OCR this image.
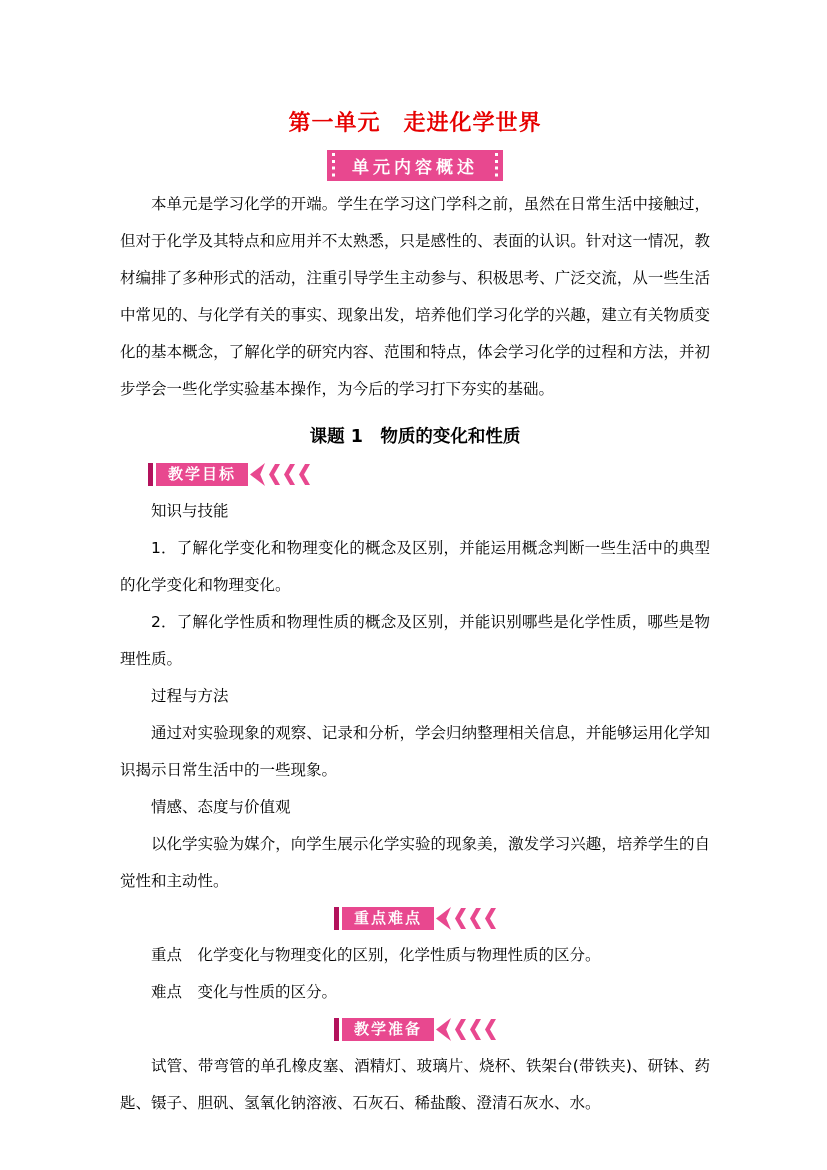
第一单元　走进化学世界
单元内容概述

本单元是学习化学的开端。学生在学习这门学科之前，虽然在日常生活中接触过，但对于化学及其特点和应用并不太熟悉，只是感性的、表面的认识。针对这一情况，教材编排了多种形式的活动，注重引导学生主动参与、积极思考、广泛交流，从一些生活中常见的、与化学有关的事实、现象出发，培养他们学习化学的兴趣，建立有关物质变化的基本概念，了解化学的研究内容、范围和特点，体会学习化学的过程和方法，并初步学会一些化学实验基本操作，为今后的学习打下夯实的基础。

课题 1　物质的变化和性质
教学目标

知识与技能

1．了解化学变化和物理变化的概念及区别，并能运用概念判断一些生活中的典型的化学变化和物理变化。

2．了解化学性质和物理性质的概念及区别，并能识别哪些是化学性质，哪些是物理性质。

过程与方法

通过对实验现象的观察、记录和分析，学会归纳整理相关信息，并能够运用化学知识揭示日常生活中的一些现象。

情感、态度与价值观

以化学实验为媒介，向学生展示化学实验的现象美，激发学习兴趣，培养学生的自觉性和主动性。

重点难点

重点　化学变化与物理变化的区别，化学性质与物理性质的区分。

难点　变化与性质的区分。

教学准备

试管、带弯管的单孔橡皮塞、酒精灯、玻璃片、烧杯、铁架台(带铁夹)、研钵、药匙、镊子、胆矾、氢氧化钠溶液、石灰石、稀盐酸、澄清石灰水、水。
